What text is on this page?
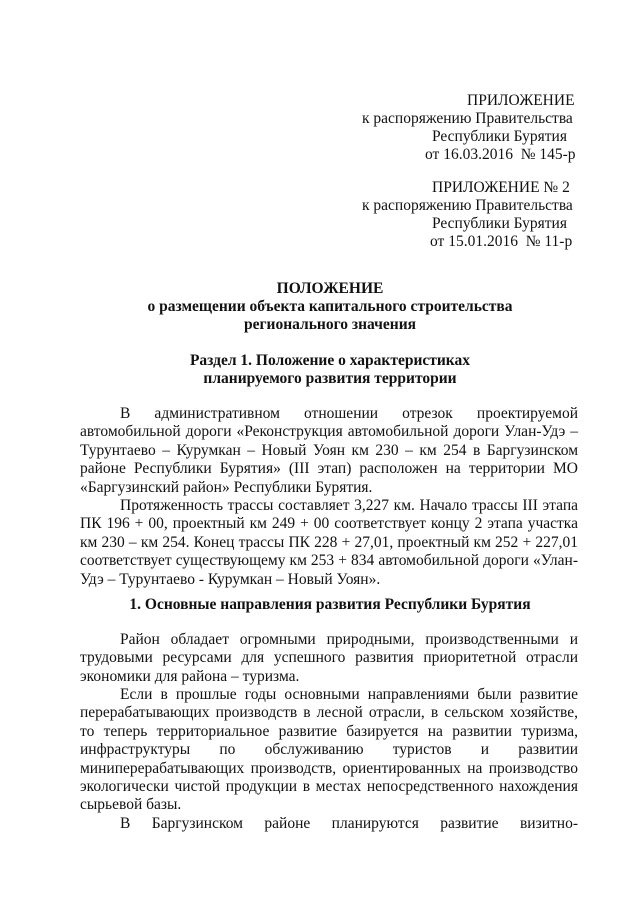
ПРИЛОЖЕНИЕ
к распоряжению Правительства
Республики Бурятия
от 16.03.2016  № 145-р
ПРИЛОЖЕНИЕ № 2
к распоряжению Правительства
Республики Бурятия
от 15.01.2016  № 11-р
ПОЛОЖЕНИЕ
о размещении объекта капитального строительства
регионального значения
Раздел 1. Положение о характеристиках
планируемого развития территории
В административном отношении отрезок проектируемой
автомобильной дороги «Реконструкция автомобильной дороги Улан-Удэ –
Турунтаево – Курумкан – Новый Уоян км 230 – км 254 в Баргузинском
районе Республики Бурятия» (III этап) расположен на территории МО
«Баргузинский район» Республики Бурятия.
Протяженность трассы составляет 3,227 км. Начало трассы III этапа
ПК 196 + 00, проектный км 249 + 00 соответствует концу 2 этапа участка
км 230 – км 254. Конец трассы ПК 228 + 27,01, проектный км 252 + 227,01
соответствует существующему км 253 + 834 автомобильной дороги «Улан-
Удэ – Турунтаево - Курумкан – Новый Уоян».
1. Основные направления развития Республики Бурятия
Район обладает огромными природными, производственными и
трудовыми ресурсами для успешного развития приоритетной отрасли
экономики для района – туризма.
Если в прошлые годы основными направлениями были развитие
перерабатывающих производств в лесной отрасли, в сельском хозяйстве,
то теперь территориальное развитие базируется на развитии туризма,
инфраструктуры по обслуживанию туристов и развитии
миниперерабатывающих производств, ориентированных на производство
экологически чистой продукции в местах непосредственного нахождения
сырьевой базы.
В Баргузинском районе планируются развитие визитно-
